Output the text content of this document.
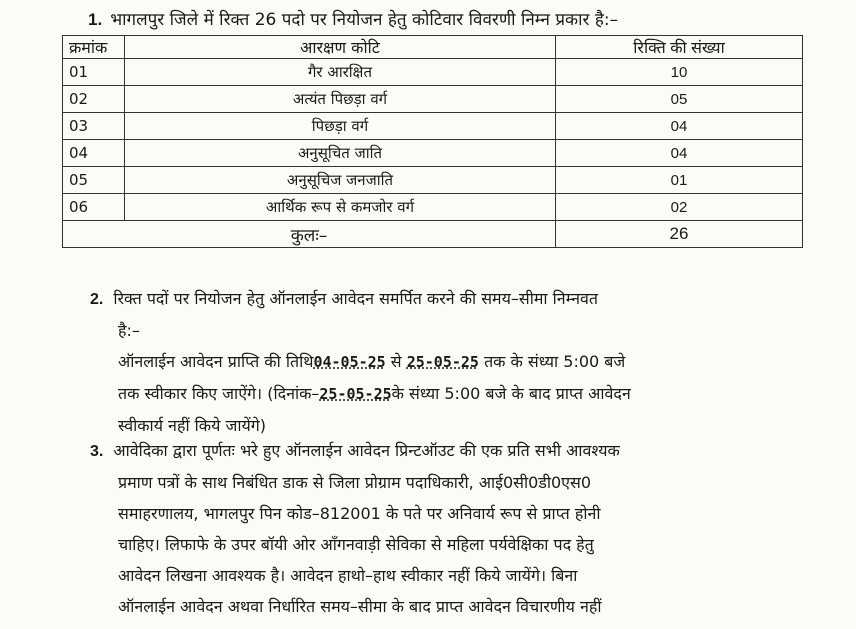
1. भागलपुर जिले में रिक्त 26 पदो पर नियोजन हेतु कोटिवार विवरणी निम्न प्रकार है:–
क्रमांक	आरक्षण कोटि	रिक्ति की संख्या
01	गैर आरक्षित	10
02	अत्यंत पिछड़ा वर्ग	05
03	पिछड़ा वर्ग	04
04	अनुसूचित जाति	04
05	अनुसूचिज जनजाति	01
06	आर्थिक रूप से कमजोर वर्ग	02
कुलः–		26
2. रिक्त पदों पर नियोजन हेतु ऑनलाईन आवेदन समर्पित करने की समय–सीमा निम्नवत
है:–
ऑनलाईन आवेदन प्राप्ति की तिथि04-05-25 से 25-05-25 तक के संध्या 5:00 बजे
तक स्वीकार किए जाऐंगे। (दिनांक–25-05-25के संध्या 5:00 बजे के बाद प्राप्त आवेदन
स्वीकार्य नहीं किये जायेंगे)
3. आवेदिका द्वारा पूर्णतः भरे हुए ऑनलाईन आवेदन प्रिन्टऑउट की एक प्रति सभी आवश्यक
प्रमाण पत्रों के साथ निबंधित डाक से जिला प्रोग्राम पदाधिकारी, आई0सी0डी0एस0
समाहरणालय, भागलपुर पिन कोड–812001 के पते पर अनिवार्य रूप से प्राप्त होनी
चाहिए। लिफाफे के उपर बॉयी ओर आँगनवाड़ी सेविका से महिला पर्यवेक्षिका पद हेतु
आवेदन लिखना आवश्यक है। आवेदन हाथो–हाथ स्वीकार नहीं किये जायेंगे। बिना
ऑनलाईन आवेदन अथवा निर्धारित समय–सीमा के बाद प्राप्त आवेदन विचारणीय नहीं
